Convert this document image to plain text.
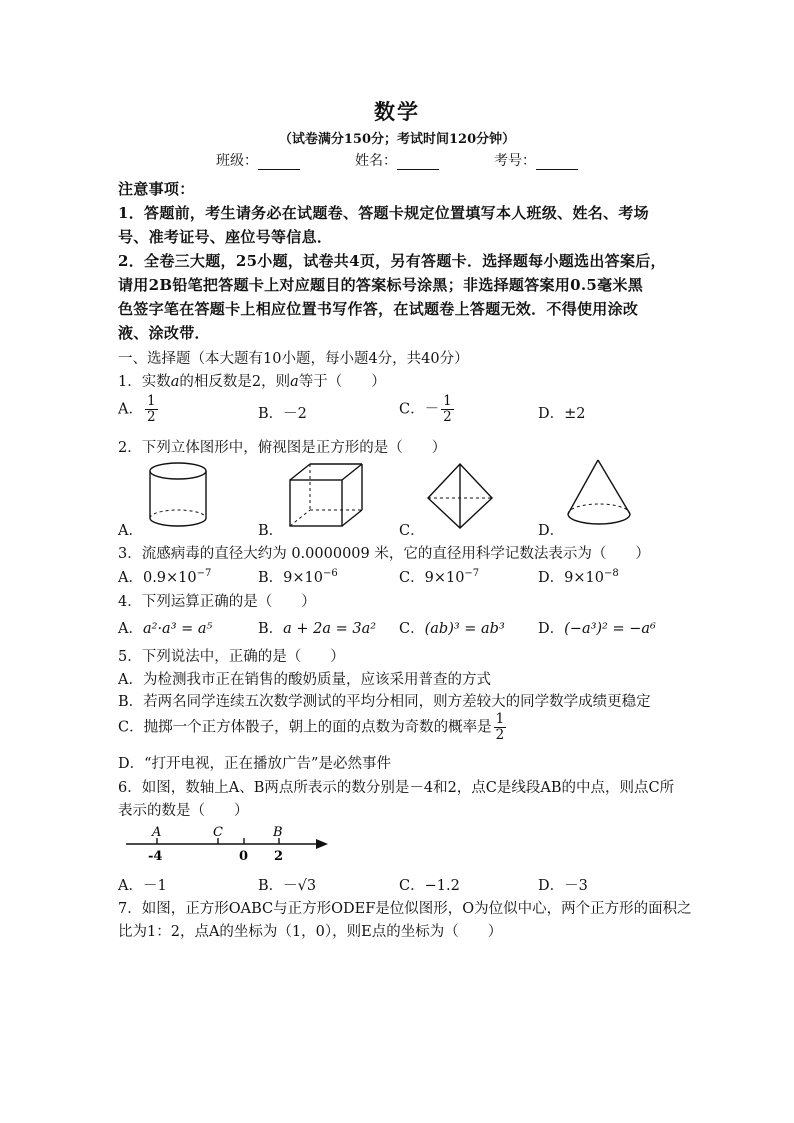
数学
（试卷满分150分；考试时间120分钟）
班级：	姓名：	考号：
注意事项：
1．答题前，考生请务必在试题卷、答题卡规定位置填写本人班级、姓名、考场
号、准考证号、座位号等信息．
2．全卷三大题，25小题，试卷共4页，另有答题卡．选择题每小题选出答案后，
请用2B铅笔把答题卡上对应题目的答案标号涂黑；非选择题答案用0.5毫米黑
色签字笔在答题卡上相应位置书写作答，在试题卷上答题无效．不得使用涂改
液、涂改带．
一、选择题（本大题有10小题，每小题4分，共40分）
1．实数a的相反数是2，则a等于（　　）
A． $\frac{1}{2}$	B．－2	C．－ $\frac{1}{2}$	D．±2
2．下列立体图形中，俯视图是正方形的是（　　）
A．	B．	C．	D．
3．流感病毒的直径大约为 0.0000009 米，它的直径用科学记数法表示为（　　）
A．$0.9\times 10^{-7}$	B．$9\times 10^{-6}$	C．$9\times 10^{-7}$	D．$9\times 10^{-8}$
4．下列运算正确的是（　　）
A．a²·a³ = a⁵	B．a + 2a = 3a² C．(ab)³ = ab³ D．(−a³)² = −a⁶
5．下列说法中，正确的是（　　）
A．为检测我市正在销售的酸奶质量，应该采用普查的方式
B．若两名同学连续五次数学测试的平均分相同，则方差较大的同学数学成绩更稳定
C．抛掷一个正方体骰子，朝上的面的点数为奇数的概率是 $\frac{1}{2}$
D．“打开电视，正在播放广告”是必然事件
6．如图，数轴上A、B两点所表示的数分别是－4和2，点C是线段AB的中点，则点C所
表示的数是（　　）
A	C	B
-4	0 2
A．－1	B．－√3	C．−1.2	D．－3
7．如图，正方形OABC与正方形ODEF是位似图形，O为位似中心，两个正方形的面积之
比为1：2，点A的坐标为（1，0），则E点的坐标为（　　）
